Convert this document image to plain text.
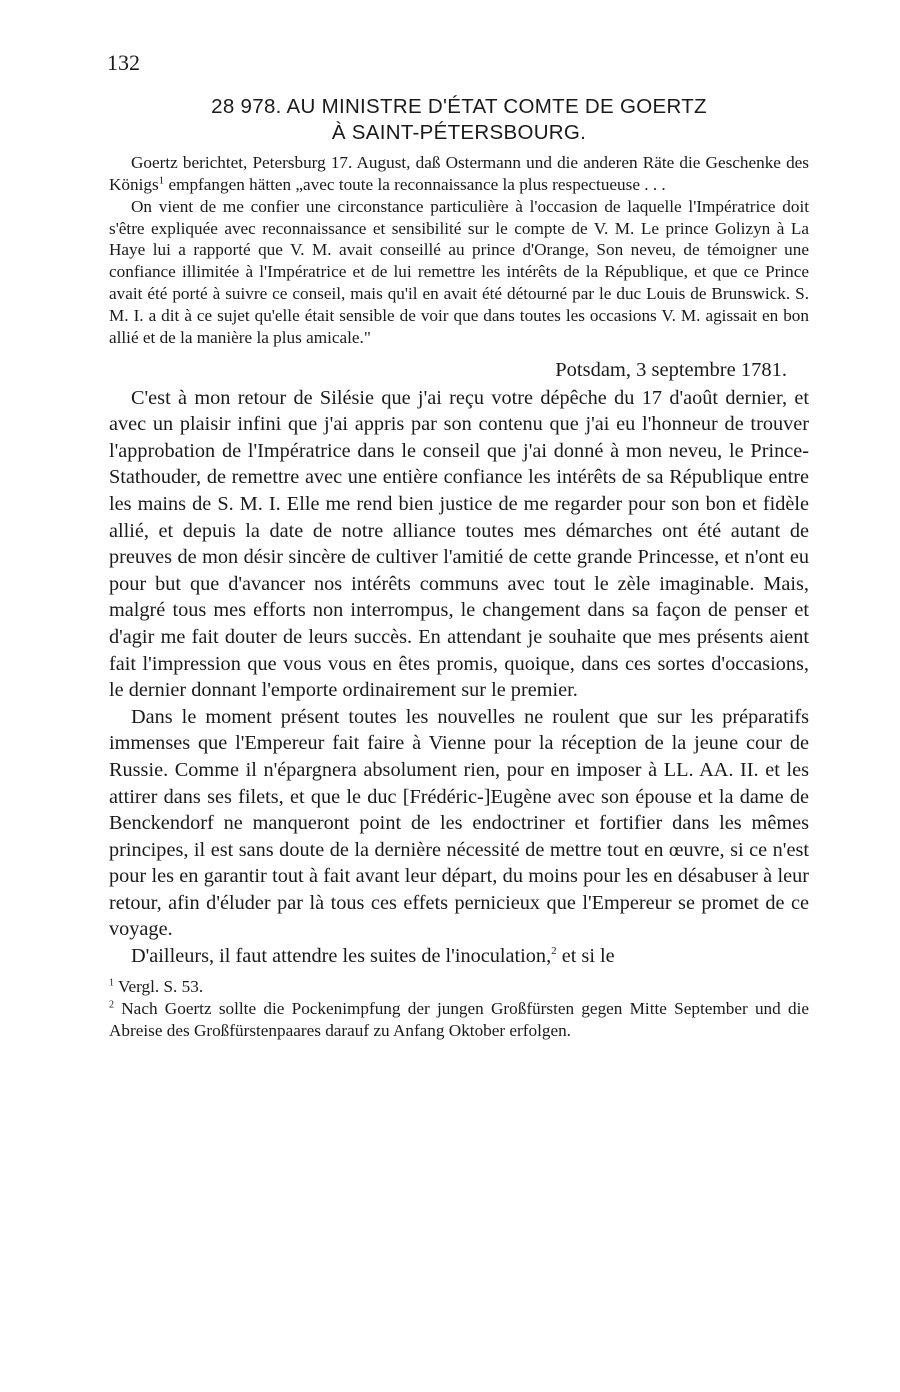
132
28 978. AU MINISTRE D'ÉTAT COMTE DE GOERTZ
À SAINT-PÉTERSBOURG.

Goertz berichtet, Petersburg 17. August, daß Ostermann und die anderen Räte die Geschenke des Königs$^1$ empfangen hätten „avec toute la reconnaissance la plus respectueuse . . .

On vient de me confier une circonstance particulière à l'occasion de laquelle l'Impératrice doit s'être expliquée avec reconnaissance et sensibilité sur le compte de V. M. Le prince Golizyn à La Haye lui a rapporté que V. M. avait conseillé au prince d'Orange, Son neveu, de témoigner une confiance illimitée à l'Impératrice et de lui remettre les intérêts de la République, et que ce Prince avait été porté à suivre ce conseil, mais qu'il en avait été détourné par le duc Louis de Brunswick. S. M. I. a dit à ce sujet qu'elle était sensible de voir que dans toutes les occasions V. M. agissait en bon allié et de la manière la plus amicale."

Potsdam, 3 septembre 1781.

C'est à mon retour de Silésie que j'ai reçu votre dépêche du 17 d'août dernier, et avec un plaisir infini que j'ai appris par son contenu que j'ai eu l'honneur de trouver l'approbation de l'Impératrice dans le conseil que j'ai donné à mon neveu, le Prince-Stathouder, de remettre avec une entière confiance les intérêts de sa République entre les mains de S. M. I. Elle me rend bien justice de me regarder pour son bon et fidèle allié, et depuis la date de notre alliance toutes mes démarches ont été autant de preuves de mon désir sincère de cultiver l'amitié de cette grande Princesse, et n'ont eu pour but que d'avancer nos intérêts communs avec tout le zèle imaginable. Mais, malgré tous mes efforts non interrompus, le changement dans sa façon de penser et d'agir me fait douter de leurs succès. En attendant je souhaite que mes présents aient fait l'impression que vous vous en êtes promis, quoique, dans ces sortes d'occasions, le dernier donnant l'emporte ordinairement sur le premier.

Dans le moment présent toutes les nouvelles ne roulent que sur les préparatifs immenses que l'Empereur fait faire à Vienne pour la réception de la jeune cour de Russie. Comme il n'épargnera absolument rien, pour en imposer à LL. AA. II. et les attirer dans ses filets, et que le duc [Frédéric-]Eugène avec son épouse et la dame de Benckendorf ne manqueront point de les endoctriner et fortifier dans les mêmes principes, il est sans doute de la dernière nécessité de mettre tout en œuvre, si ce n'est pour les en garantir tout à fait avant leur départ, du moins pour les en désabuser à leur retour, afin d'éluder par là tous ces effets pernicieux que l'Empereur se promet de ce voyage.

D'ailleurs, il faut attendre les suites de l'inoculation,$^2$ et si le

$^1$ Vergl. S. 53.

$^2$ Nach Goertz sollte die Pockenimpfung der jungen Großfürsten gegen Mitte September und die Abreise des Großfürstenpaares darauf zu Anfang Oktober erfolgen.
